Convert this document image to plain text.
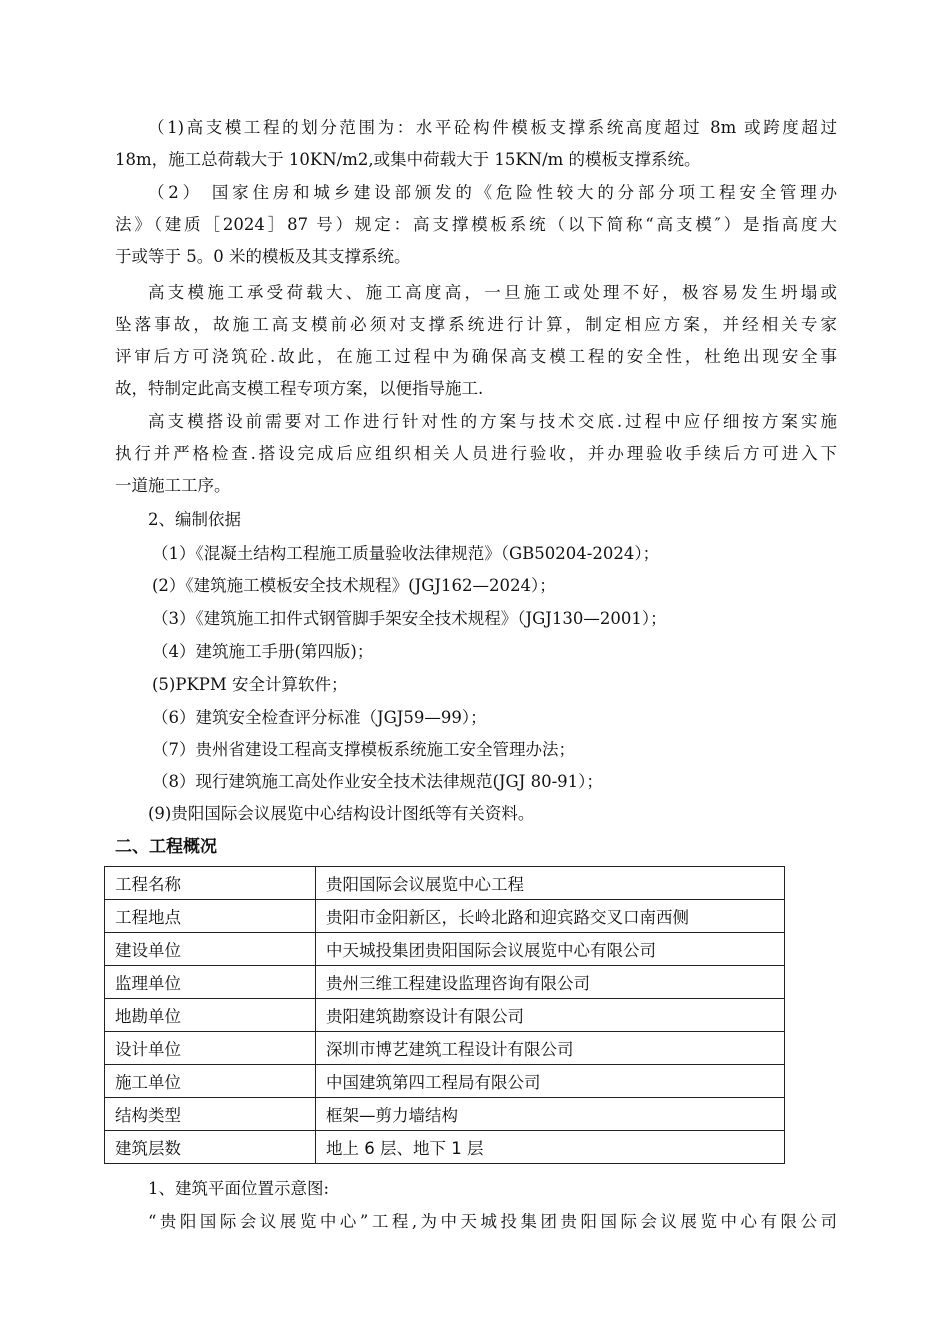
（1)高支模工程的划分范围为：水平砼构件模板支撑系统高度超过 8m 或跨度超过
18m，施工总荷载大于 10KN/m2,或集中荷载大于 15KN/m 的模板支撑系统。
（2） 国家住房和城乡建设部颁发的《危险性较大的分部分项工程安全管理办
法》（建质［2024］87 号）规定：高支撑模板系统（以下简称“高支模″）是指高度大
于或等于 5。0 米的模板及其支撑系统。
高支模施工承受荷载大、施工高度高，一旦施工或处理不好，极容易发生坍塌或
坠落事故，故施工高支模前必须对支撑系统进行计算，制定相应方案，并经相关专家
评审后方可浇筑砼.故此，在施工过程中为确保高支模工程的安全性，杜绝出现安全事
故，特制定此高支模工程专项方案，以便指导施工.
高支模搭设前需要对工作进行针对性的方案与技术交底.过程中应仔细按方案实施
执行并严格检查.搭设完成后应组织相关人员进行验收，并办理验收手续后方可进入下
一道施工工序。
2、编制依据
（1）《混凝土结构工程施工质量验收法律规范》（GB50204-2024）；
(2）《建筑施工模板安全技术规程》(JGJ162—2024）；
（3）《建筑施工扣件式钢管脚手架安全技术规程》（JGJ130—2001）；
（4）建筑施工手册(第四版)；
(5)PKPM 安全计算软件；
（6）建筑安全检查评分标准（JGJ59—99）；
（7）贵州省建设工程高支撑模板系统施工安全管理办法；
（8）现行建筑施工高处作业安全技术法律规范(JGJ 80-91）；
(9)贵阳国际会议展览中心结构设计图纸等有关资料。
二、工程概况
工程名称	贵阳国际会议展览中心工程
工程地点	贵阳市金阳新区，长岭北路和迎宾路交叉口南西侧
建设单位	中天城投集团贵阳国际会议展览中心有限公司
监理单位	贵州三维工程建设监理咨询有限公司
地勘单位	贵阳建筑勘察设计有限公司
设计单位	深圳市博艺建筑工程设计有限公司
施工单位	中国建筑第四工程局有限公司
结构类型	框架—剪力墙结构
建筑层数	地上 6 层、地下 1 层
1、建筑平面位置示意图:
“贵阳国际会议展览中心”工程,为中天城投集团贵阳国际会议展览中心有限公司
